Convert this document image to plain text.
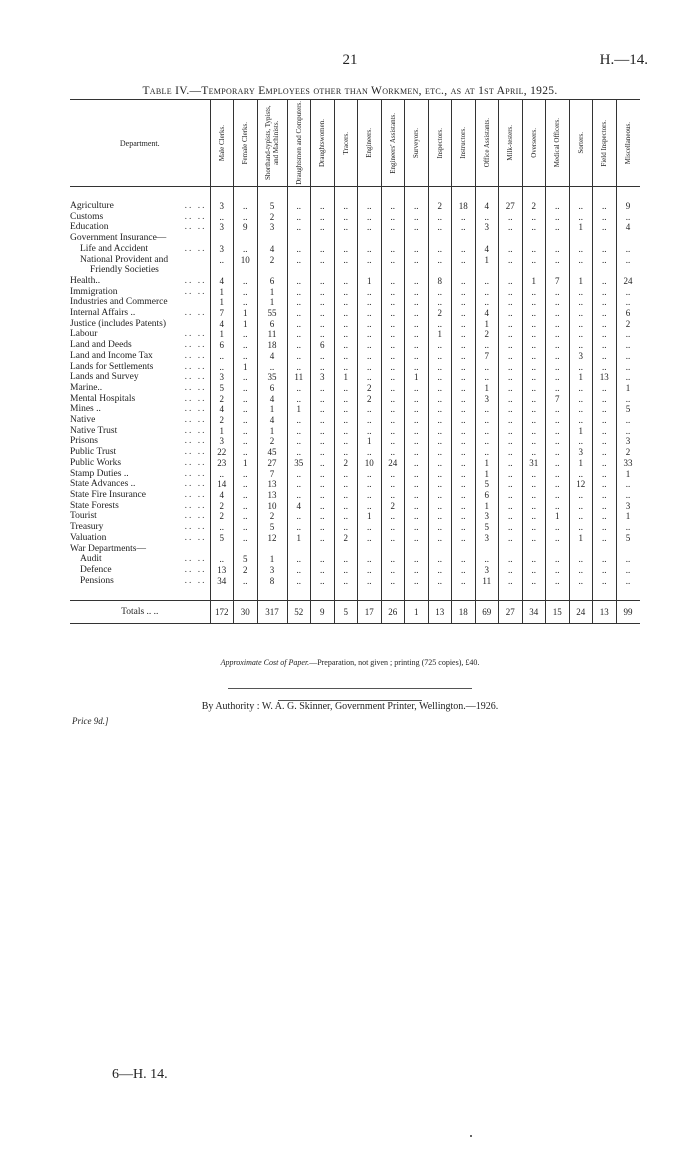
21	H.—14.
Table IV.—Temporary Employees other than Workmen, etc., as at 1st April, 1925.
Department.	Male Clerks.	Female Clerks.	Shorthand-typists, Typists, and Machinists.	Draughtsmen and Computers.	Draughtswomen.	Tracers.	Engineers.	Engineers' Assistants.	Surveyors.	Inspectors.	Instructors.	Office Assistants.	Milk-testers.	Overseers.	Medical Officers.	Sorters.	Field Inspectors.	Miscellaneous.

Agriculture .. ..	3	..	5	..	..	..	..	..	..	2	18	4	27	2	..	..	..	9
Customs .. ..	..	..	2	..	..	..	..	..	..	..	..	..	..	..	..	..	..	..
Education .. ..	3	9	3	..	..	..	..	..	..	..	..	3	..	..	..	1	..	4
Government Insurance—																		
Life and Accident .. ..	3	..	4	..	..	..	..	..	..	..	..	4	..	..	..	..	..	..
National Provident and	..	10	2	..	..	..	..	..	..	..	..	1	..	..	..	..	..	..
Friendly Societies																		
Health.. .. ..	4	..	6	..	..	..	1	..	..	8	..	..	..	1	7	1	..	24
Immigration .. ..	1	..	1	..	..	..	..	..	..	..	..	..	..	..	..	..	..	..
Industries and Commerce	1	..	1	..	..	..	..	..	..	..	..	..	..	..	..	..	..	..
Internal Affairs .. .. ..	7	1	55	..	..	..	..	..	..	2	..	4	..	..	..	..	..	6
Justice (includes Patents)	4	1	6	..	..	..	..	..	..	..	..	1	..	..	..	..	..	2
Labour .. ..	1	..	11	..	..	..	..	..	..	1	..	2	..	..	..	..	..	..
Land and Deeds .. ..	6	..	18	..	6	..	..	..	..	..	..	..	..	..	..	..	..	..
Land and Income Tax .. ..	..	..	4	..	..	..	..	..	..	..	..	7	..	..	..	3	..	..
Lands for Settlements .. ..	..	1	..	..	..	..	..	..	..	..	..	..	..	..	..	..	..	..
Lands and Survey .. ..	3	..	35	11	3	1	..	..	1	..	..	..	..	..	..	1	13	..
Marine.. .. ..	5	..	6	..	..	..	2	..	..	..	..	1	..	..	..	..	..	1
Mental Hospitals .. ..	2	..	4	..	..	..	2	..	..	..	..	3	..	..	7	..	..	..
Mines .. .. ..	4	..	1	1	..	..	..	..	..	..	..	..	..	..	..	..	..	5
Native .. ..	2	..	4	..	..	..	..	..	..	..	..	..	..	..	..	..	..	..
Native Trust .. ..	1	..	1	..	..	..	..	..	..	..	..	..	..	..	..	1	..	..
Prisons .. ..	3	..	2	..	..	..	1	..	..	..	..	..	..	..	..	..	..	3
Public Trust .. ..	22	..	45	..	..	..	..	..	..	..	..	..	..	..	..	3	..	2
Public Works .. ..	23	1	27	35	..	2	10	24	..	..	..	1	..	31	..	1	..	33
Stamp Duties .. .. ..	..	..	7	..	..	..	..	..	..	..	..	1	..	..	..	..	..	1
State Advances .. .. ..	14	..	13	..	..	..	..	..	..	..	..	5	..	..	..	12	..	..
State Fire Insurance .. ..	4	..	13	..	..	..	..	..	..	..	..	6	..	..	..	..	..	..
State Forests .. ..	2	..	10	4	..	..	..	2	..	..	..	1	..	..	..	..	..	3
Tourist .. ..	2	..	2	..	..	..	1	..	..	..	..	3	..	..	1	..	..	1
Treasury .. ..	..	..	5	..	..	..	..	..	..	..	..	5	..	..	..	..	..	..
Valuation .. ..	5	..	12	1	..	2	..	..	..	..	..	3	..	..	..	1	..	5
War Departments—																		
Audit .. ..	..	5	1	..	..	..	..	..	..	..	..	..	..	..	..	..	..	..
Defence .. ..	13	2	3	..	..	..	..	..	..	..	..	3	..	..	..	..	..	..
Pensions .. ..	34	..	8	..	..	..	..	..	..	..	..	11	..	..	..	..	..	..

Totals .. ..	172	30	317	52	9	5	17	26	1	13	18	69	27	34	15	24	13	99
Approximate Cost of Paper.—Preparation, not given ; printing (725 copies), £40.
By Authority : W. A. G. Skinner, Government Printer, Wellington.—1926.
Price 9d.]
6—H. 14.
